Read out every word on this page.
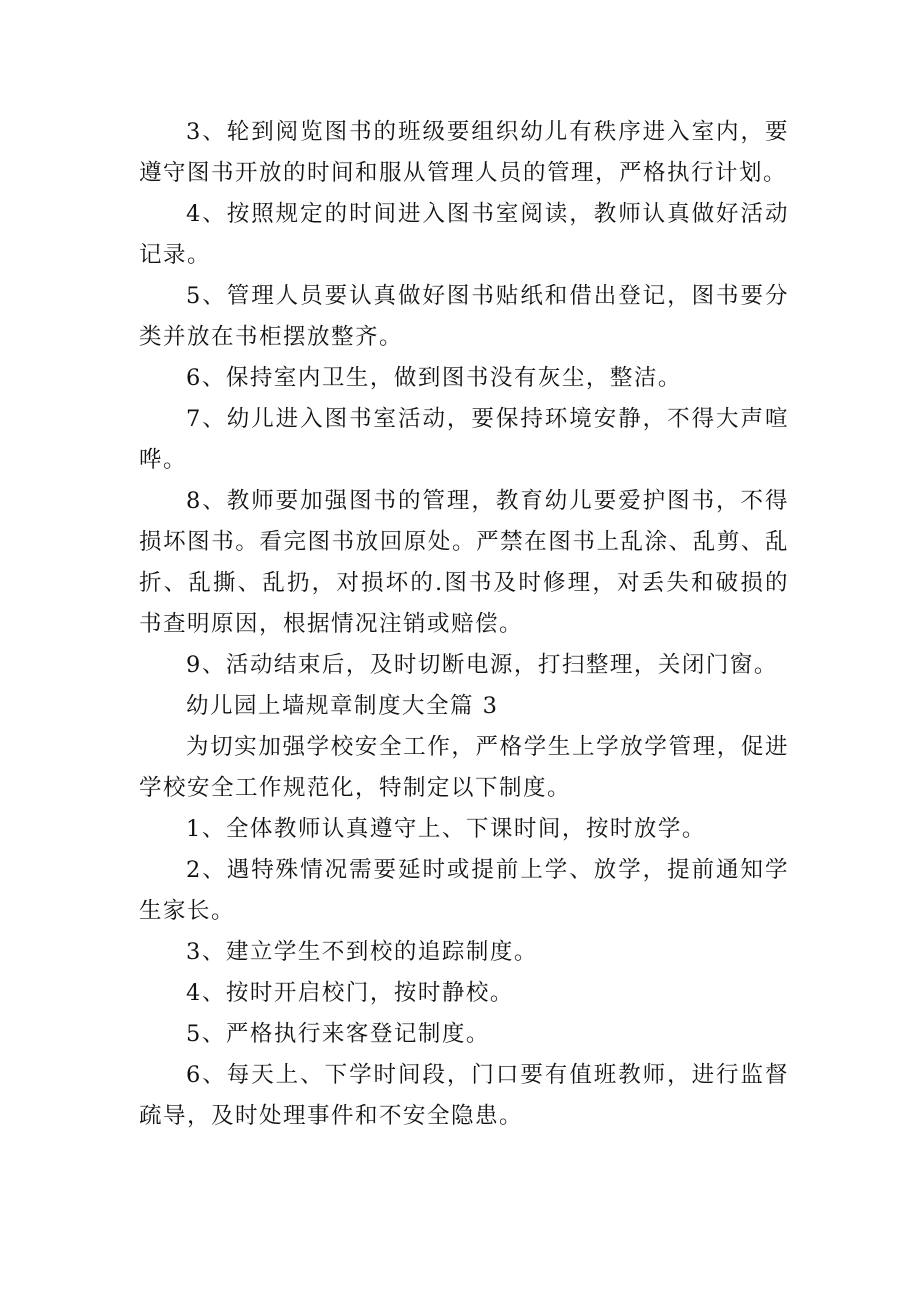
3、轮到阅览图书的班级要组织幼儿有秩序进入室内，要遵守图书开放的时间和服从管理人员的管理，严格执行计划。

4、按照规定的时间进入图书室阅读，教师认真做好活动记录。

5、管理人员要认真做好图书贴纸和借出登记，图书要分类并放在书柜摆放整齐。

6、保持室内卫生，做到图书没有灰尘，整洁。

7、幼儿进入图书室活动，要保持环境安静，不得大声喧哗。

8、教师要加强图书的管理，教育幼儿要爱护图书，不得损坏图书。看完图书放回原处。严禁在图书上乱涂、乱剪、乱折、乱撕、乱扔，对损坏的.图书及时修理，对丢失和破损的书查明原因，根据情况注销或赔偿。

9、活动结束后，及时切断电源，打扫整理，关闭门窗。

幼儿园上墙规章制度大全篇 3

为切实加强学校安全工作，严格学生上学放学管理，促进学校安全工作规范化，特制定以下制度。

1、全体教师认真遵守上、下课时间，按时放学。

2、遇特殊情况需要延时或提前上学、放学，提前通知学生家长。

3、建立学生不到校的追踪制度。

4、按时开启校门，按时静校。

5、严格执行来客登记制度。

6、每天上、下学时间段，门口要有值班教师，进行监督疏导，及时处理事件和不安全隐患。
